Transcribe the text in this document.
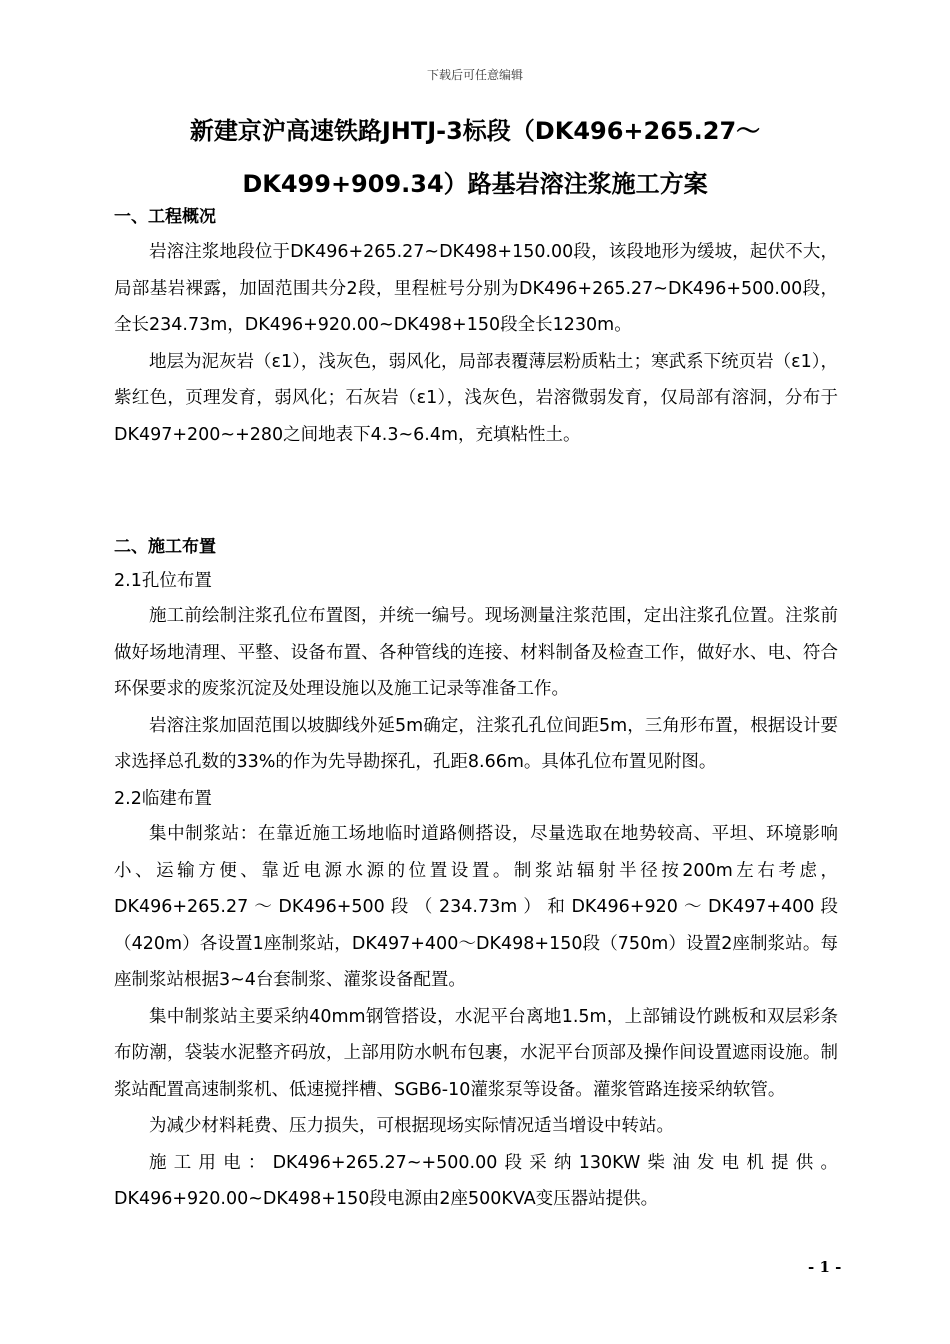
下载后可任意编辑
新建京沪高速铁路JHTJ-3标段（DK496+265.27～
DK499+909.34）路基岩溶注浆施工方案
一、工程概况

岩溶注浆地段位于DK496+265.27~DK498+150.00段，该段地形为缓坡，起伏不大，局部基岩裸露，加固范围共分2段，里程桩号分别为DK496+265.27~DK496+500.00段，全长234.73m，DK496+920.00~DK498+150段全长1230m。

地层为泥灰岩（ε1），浅灰色，弱风化，局部表覆薄层粉质粘土；寒武系下统页岩（ε1），紫红色，页理发育，弱风化；石灰岩（ε1），浅灰色，岩溶微弱发育，仅局部有溶洞，分布于DK497+200~+280之间地表下4.3~6.4m，充填粘性土。

二、施工布置
2.1孔位布置

施工前绘制注浆孔位布置图，并统一编号。现场测量注浆范围，定出注浆孔位置。注浆前做好场地清理、平整、设备布置、各种管线的连接、材料制备及检查工作，做好水、电、符合环保要求的废浆沉淀及处理设施以及施工记录等准备工作。

岩溶注浆加固范围以坡脚线外延5m确定，注浆孔孔位间距5m，三角形布置，根据设计要求选择总孔数的33%的作为先导勘探孔，孔距8.66m。具体孔位布置见附图。

2.2临建布置

集中制浆站：在靠近施工场地临时道路侧搭设，尽量选取在地势较高、平坦、环境影响小、运输方便、靠近电源水源的位置设置。制浆站辐射半径按200m左右考虑，DK496+265.27 ～ DK496+500 段 （ 234.73m ） 和 DK496+920 ～ DK497+400 段（420m）各设置1座制浆站，DK497+400～DK498+150段（750m）设置2座制浆站。每座制浆站根据3~4台套制浆、灌浆设备配置。

集中制浆站主要采纳40mm钢管搭设，水泥平台离地1.5m，上部铺设竹跳板和双层彩条布防潮，袋装水泥整齐码放，上部用防水帆布包裹，水泥平台顶部及操作间设置遮雨设施。制浆站配置高速制浆机、低速搅拌槽、SGB6-10灌浆泵等设备。灌浆管路连接采纳软管。

为减少材料耗费、压力损失，可根据现场实际情况适当增设中转站。

施工用电：DK496+265.27~+500.00段采纳130KW柴油发电机提供。DK496+920.00~DK498+150段电源由2座500KVA变压器站提供。

- 1 -
